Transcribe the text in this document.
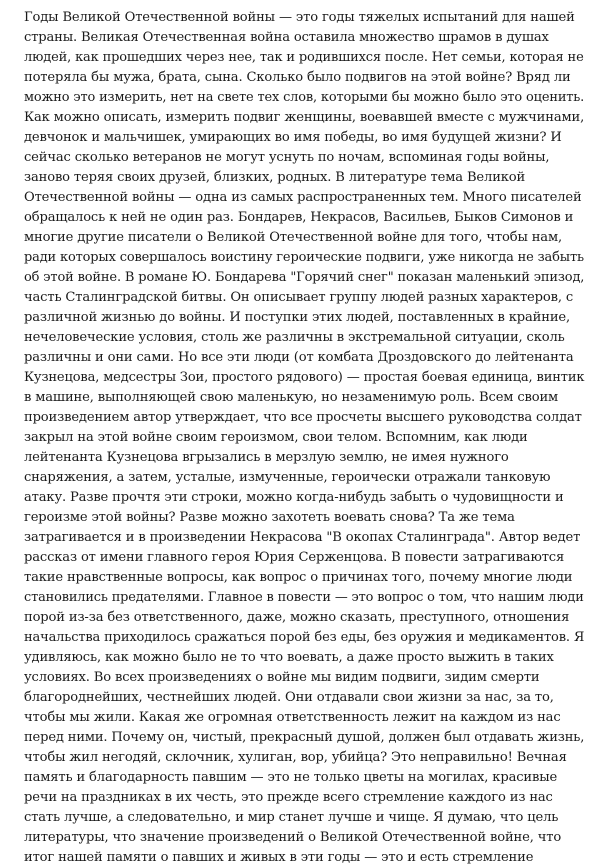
Годы Великой Отечественной войны — это годы тяжелых испытаний для нашей
страны. Великая Отечественная война оставила множество шрамов в душах
людей, как прошедших через нее, так и родившихся после. Нет семьи, которая не
потеряла бы мужа, брата, сына. Сколько было подвигов на этой войне? Вряд ли
можно это измерить, нет на свете тех слов, которыми бы можно было это оценить.
Как можно описать, измерить подвиг женщины, воевавшей вместе с мужчинами,
девчонок и мальчишек, умирающих во имя победы, во имя будущей жизни? И
сейчас сколько ветеранов не могут уснуть по ночам, вспоминая годы войны,
заново теряя своих друзей, близких, родных. В литературе тема Великой
Отечественной войны — одна из самых распространенных тем. Много писателей
обращалось к ней не один раз. Бондарев, Некрасов, Васильев, Быков Симонов и
многие другие писатели о Великой Отечественной войне для того, чтобы нам,
ради которых совершалось воистину героические подвиги, уже никогда не забыть
об этой войне. В романе Ю. Бондарева "Горячий снег" показан маленький эпизод,
часть Сталинградской битвы. Он описывает группу людей разных характеров, с
различной жизнью до войны. И поступки этих людей, поставленных в крайние,
нечеловеческие условия, столь же различны в экстремальной ситуации, сколь
различны и они сами. Но все эти люди (от комбата Дроздовского до лейтенанта
Кузнецова, медсестры Зои, простого рядового) — простая боевая единица, винтик
в машине, выполняющей свою маленькую, но незаменимую роль. Всем своим
произведением автор утверждает, что все просчеты высшего руководства солдат
закрыл на этой войне своим героизмом, свои телом. Вспомним, как люди
лейтенанта Кузнецова вгрызались в мерзлую землю, не имея нужного
снаряжения, а затем, усталые, измученные, героически отражали танковую
атаку. Разве прочтя эти строки, можно когда-нибудь забыть о чудовищности и
героизме этой войны? Разве можно захотеть воевать снова? Та же тема
затрагивается и в произведении Некрасова "В окопах Сталинграда". Автор ведет
рассказ от имени главного героя Юрия Серженцова. В повести затрагиваются
такие нравственные вопросы, как вопрос о причинах того, почему многие люди
становились предателями. Главное в повести — это вопрос о том, что нашим люди
порой из-за без ответственного, даже, можно сказать, преступного, отношения
начальства приходилось сражаться порой без еды, без оружия и медикаментов. Я
удивляюсь, как можно было не то что воевать, а даже просто выжить в таких
условиях. Во всех произведениях о войне мы видим подвиги, зидим смерти
благороднейших, честнейших людей. Они отдавали свои жизни за нас, за то,
чтобы мы жили. Какая же огромная ответственность лежит на каждом из нас
перед ними. Почему он, чистый, прекрасный душой, должен был отдавать жизнь,
чтобы жил негодяй, склочник, хулиган, вор, убийца? Это неправильно! Вечная
память и благодарность павшим — это не только цветы на могилах, красивые
речи на праздниках в их честь, это прежде всего стремление каждого из нас
стать лучше, а следовательно, и мир станет лучше и чище. Я думаю, что цель
литературы, что значение произведений о Великой Отечественной войне, что
итог нашей памяти о павших и живых в эти годы — это и есть стремление
